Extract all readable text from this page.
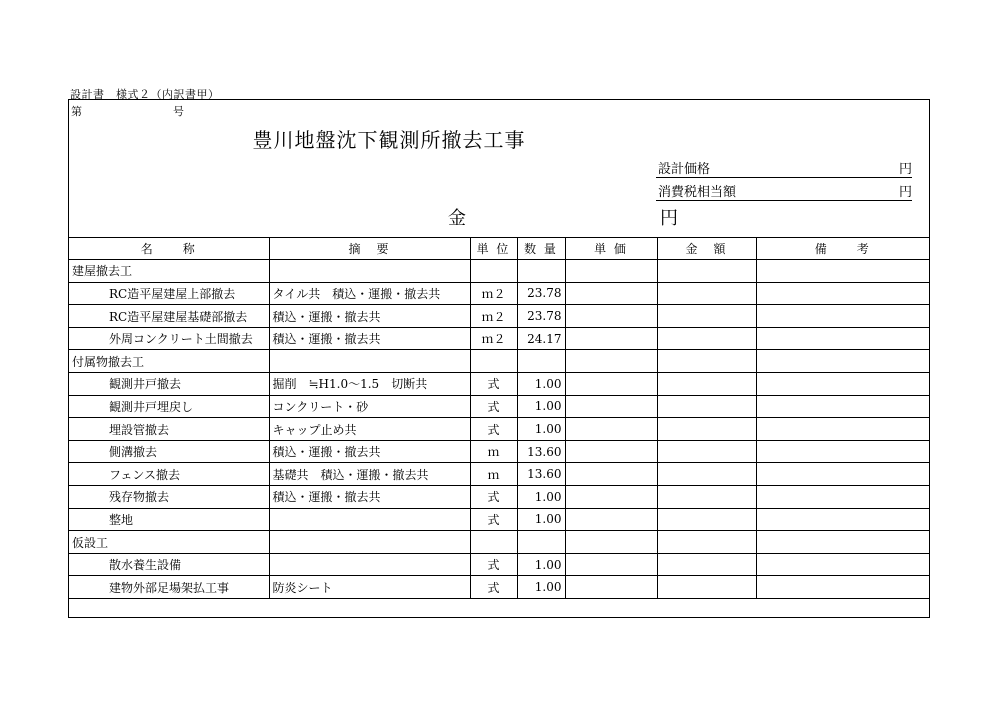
設計書　様式２（内訳書甲）
第	号
豊川地盤沈下観測所撤去工事
設計価格	円
消費税相当額	円
金	円
名　　称	摘　要	単 位	数 量	単 価	金　額	備　　考
建屋撤去工						
RC造平屋建屋上部撤去	タイル共　積込・運搬・撤去共	ｍ２	23.78			
RC造平屋建屋基礎部撤去	積込・運搬・撤去共	ｍ２	23.78			
外周コンクリート土間撤去	積込・運搬・撤去共	ｍ２	24.17			
付属物撤去工						
観測井戸撤去	掘削　≒H1.0～1.5　切断共	式	1.00			
観測井戸埋戻し	コンクリート・砂	式	1.00			
埋設管撤去	キャップ止め共	式	1.00			
側溝撤去	積込・運搬・撤去共	ｍ	13.60			
フェンス撤去	基礎共　積込・運搬・撤去共	ｍ	13.60			
残存物撤去	積込・運搬・撤去共	式	1.00			
整地		式	1.00			
仮設工						
散水養生設備		式	1.00			
建物外部足場架払工事	防炎シート	式	1.00			
